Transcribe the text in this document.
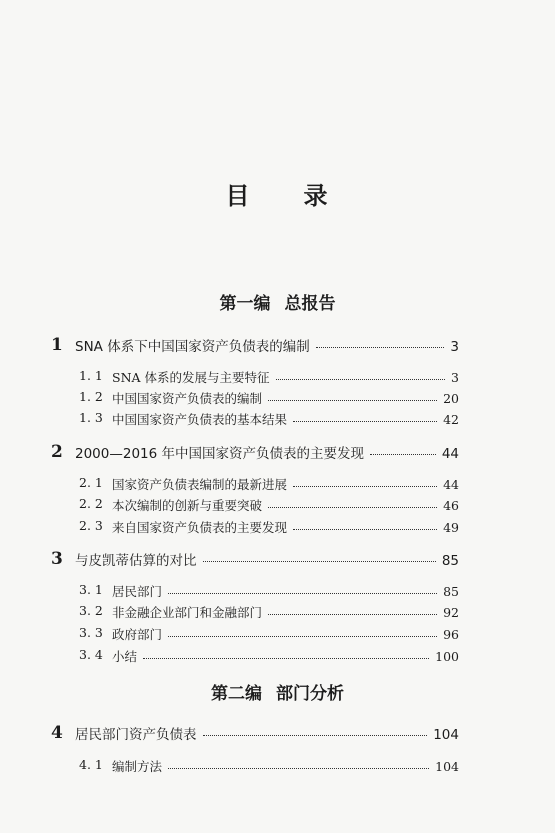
目　　录
第一编 总报告
1 SNA 体系下中国国家资产负债表的编制	3
1. 1 SNA 体系的发展与主要特征	3
1. 2 中国国家资产负债表的编制	20
1. 3 中国国家资产负债表的基本结果	42
2 2000—2016 年中国国家资产负债表的主要发现	44
2. 1 国家资产负债表编制的最新进展	44
2. 2 本次编制的创新与重要突破	46
2. 3 来自国家资产负债表的主要发现	49
3 与皮凯蒂估算的对比	85
3. 1 居民部门	85
3. 2 非金融企业部门和金融部门	92
3. 3 政府部门	96
3. 4 小结	100
第二编 部门分析
4 居民部门资产负债表	104
4. 1 编制方法	104
